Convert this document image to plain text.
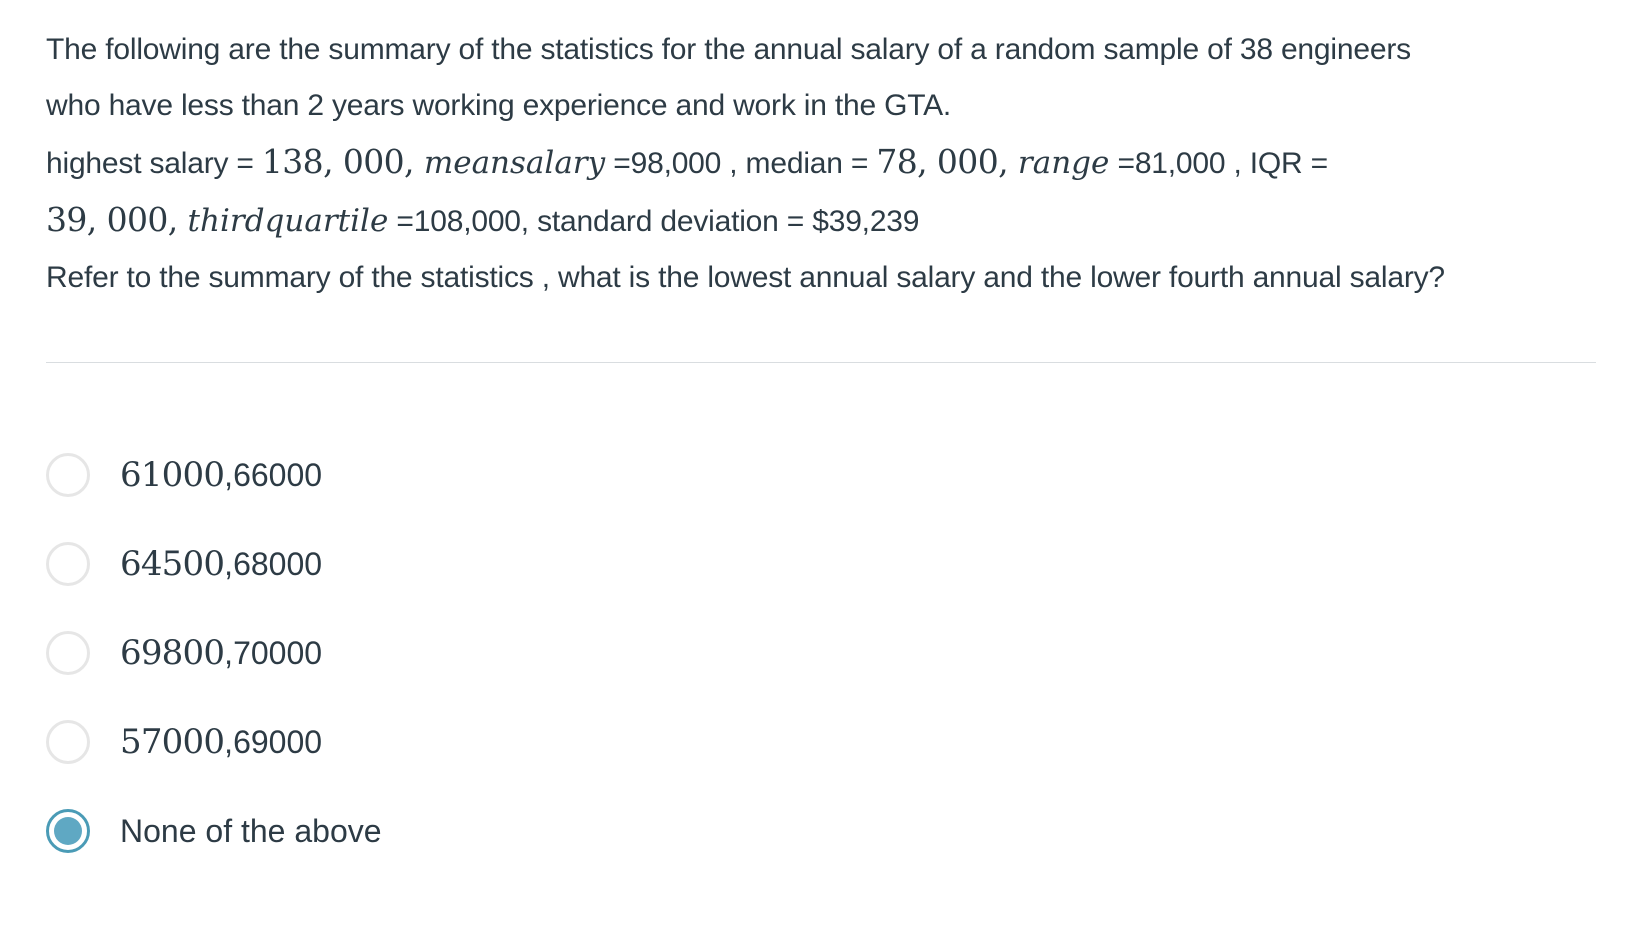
The following are the summary of the statistics for the annual salary of a random sample of 38 engineers

who have less than 2 years working experience and work in the GTA.

highest salary = 138, 000, meansalary =98,000 , median = 78, 000, range =81,000 , IQR =

39, 000, thirdquartile =108,000, standard deviation = $39,239

Refer to the summary of the statistics , what is the lowest annual salary and the lower fourth annual salary?

61000,66000
64500,68000
69800,70000
57000,69000
None of the above
